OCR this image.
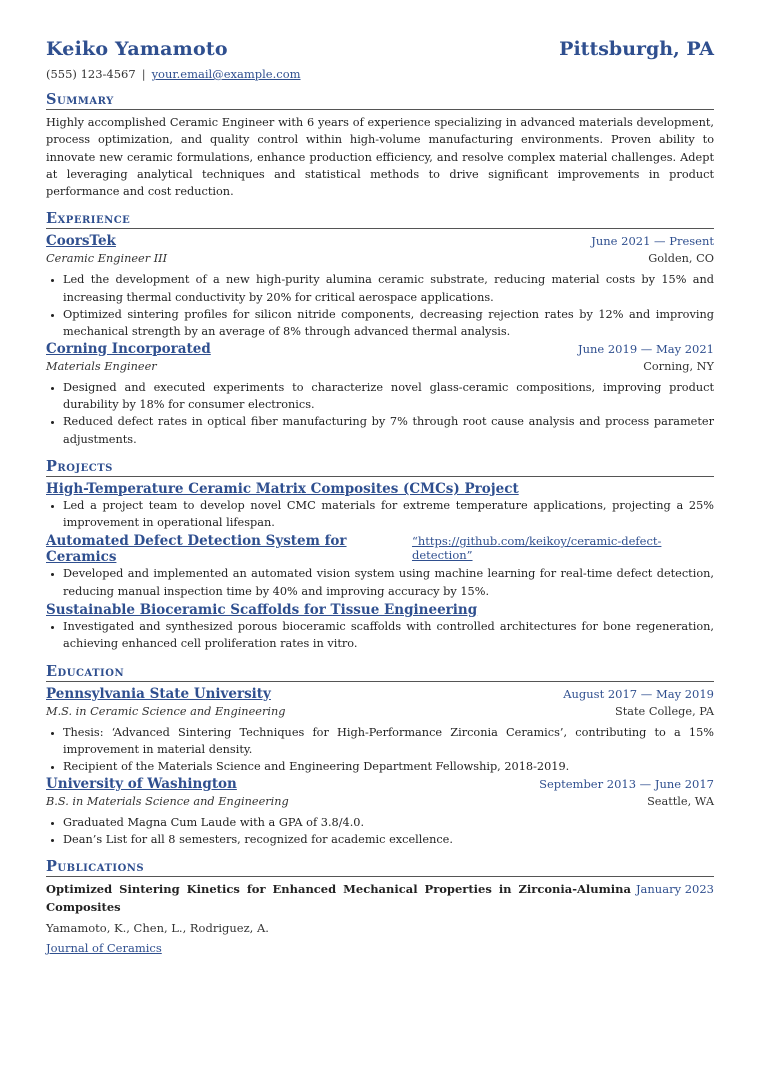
Keiko Yamamoto	Pittsburgh, PA
(555) 123-4567 | your.email@example.com
Summary
Highly accomplished Ceramic Engineer with 6 years of experience specializing in advanced materials development, process optimization, and quality control within high-volume manufacturing environments. Proven ability to innovate new ceramic formulations, enhance production efficiency, and resolve complex material challenges. Adept at leveraging analytical techniques and statistical methods to drive significant improvements in product performance and cost reduction.
Experience
CoorsTek	June 2021 — Present
Ceramic Engineer III	Golden, CO
• Led the development of a new high-purity alumina ceramic substrate, reducing material costs by 15% and increasing thermal conductivity by 20% for critical aerospace applications.
• Optimized sintering profiles for silicon nitride components, decreasing rejection rates by 12% and improving mechanical strength by an average of 8% through advanced thermal analysis.
Corning Incorporated	June 2019 — May 2021
Materials Engineer	Corning, NY
• Designed and executed experiments to characterize novel glass-ceramic compositions, improving product durability by 18% for consumer electronics.
• Reduced defect rates in optical fiber manufacturing by 7% through root cause analysis and process parameter adjustments.
Projects
High-Temperature Ceramic Matrix Composites (CMCs) Project
• Led a project team to develop novel CMC materials for extreme temperature applications, projecting a 25% improvement in operational lifespan.
Automated Defect Detection System for Ceramics
“https://github.com/keikoy/ceramic-defect-detection”
• Developed and implemented an automated vision system using machine learning for real-time defect detection, reducing manual inspection time by 40% and improving accuracy by 15%.
Sustainable Bioceramic Scaffolds for Tissue Engineering
• Investigated and synthesized porous bioceramic scaffolds with controlled architectures for bone regeneration, achieving enhanced cell proliferation rates in vitro.
Education
Pennsylvania State University	August 2017 — May 2019
M.S. in Ceramic Science and Engineering	State College, PA
• Thesis: ‘Advanced Sintering Techniques for High-Performance Zirconia Ceramics’, contributing to a 15% improvement in material density.
• Recipient of the Materials Science and Engineering Department Fellowship, 2018-2019.
University of Washington	September 2013 — June 2017
B.S. in Materials Science and Engineering	Seattle, WA
• Graduated Magna Cum Laude with a GPA of 3.8/4.0.
• Dean’s List for all 8 semesters, recognized for academic excellence.
Publications
Optimized Sintering Kinetics for Enhanced Mechanical Properties in Zirconia-Alumina Composites
January 2023
Yamamoto, K., Chen, L., Rodriguez, A.
Journal of Ceramics
